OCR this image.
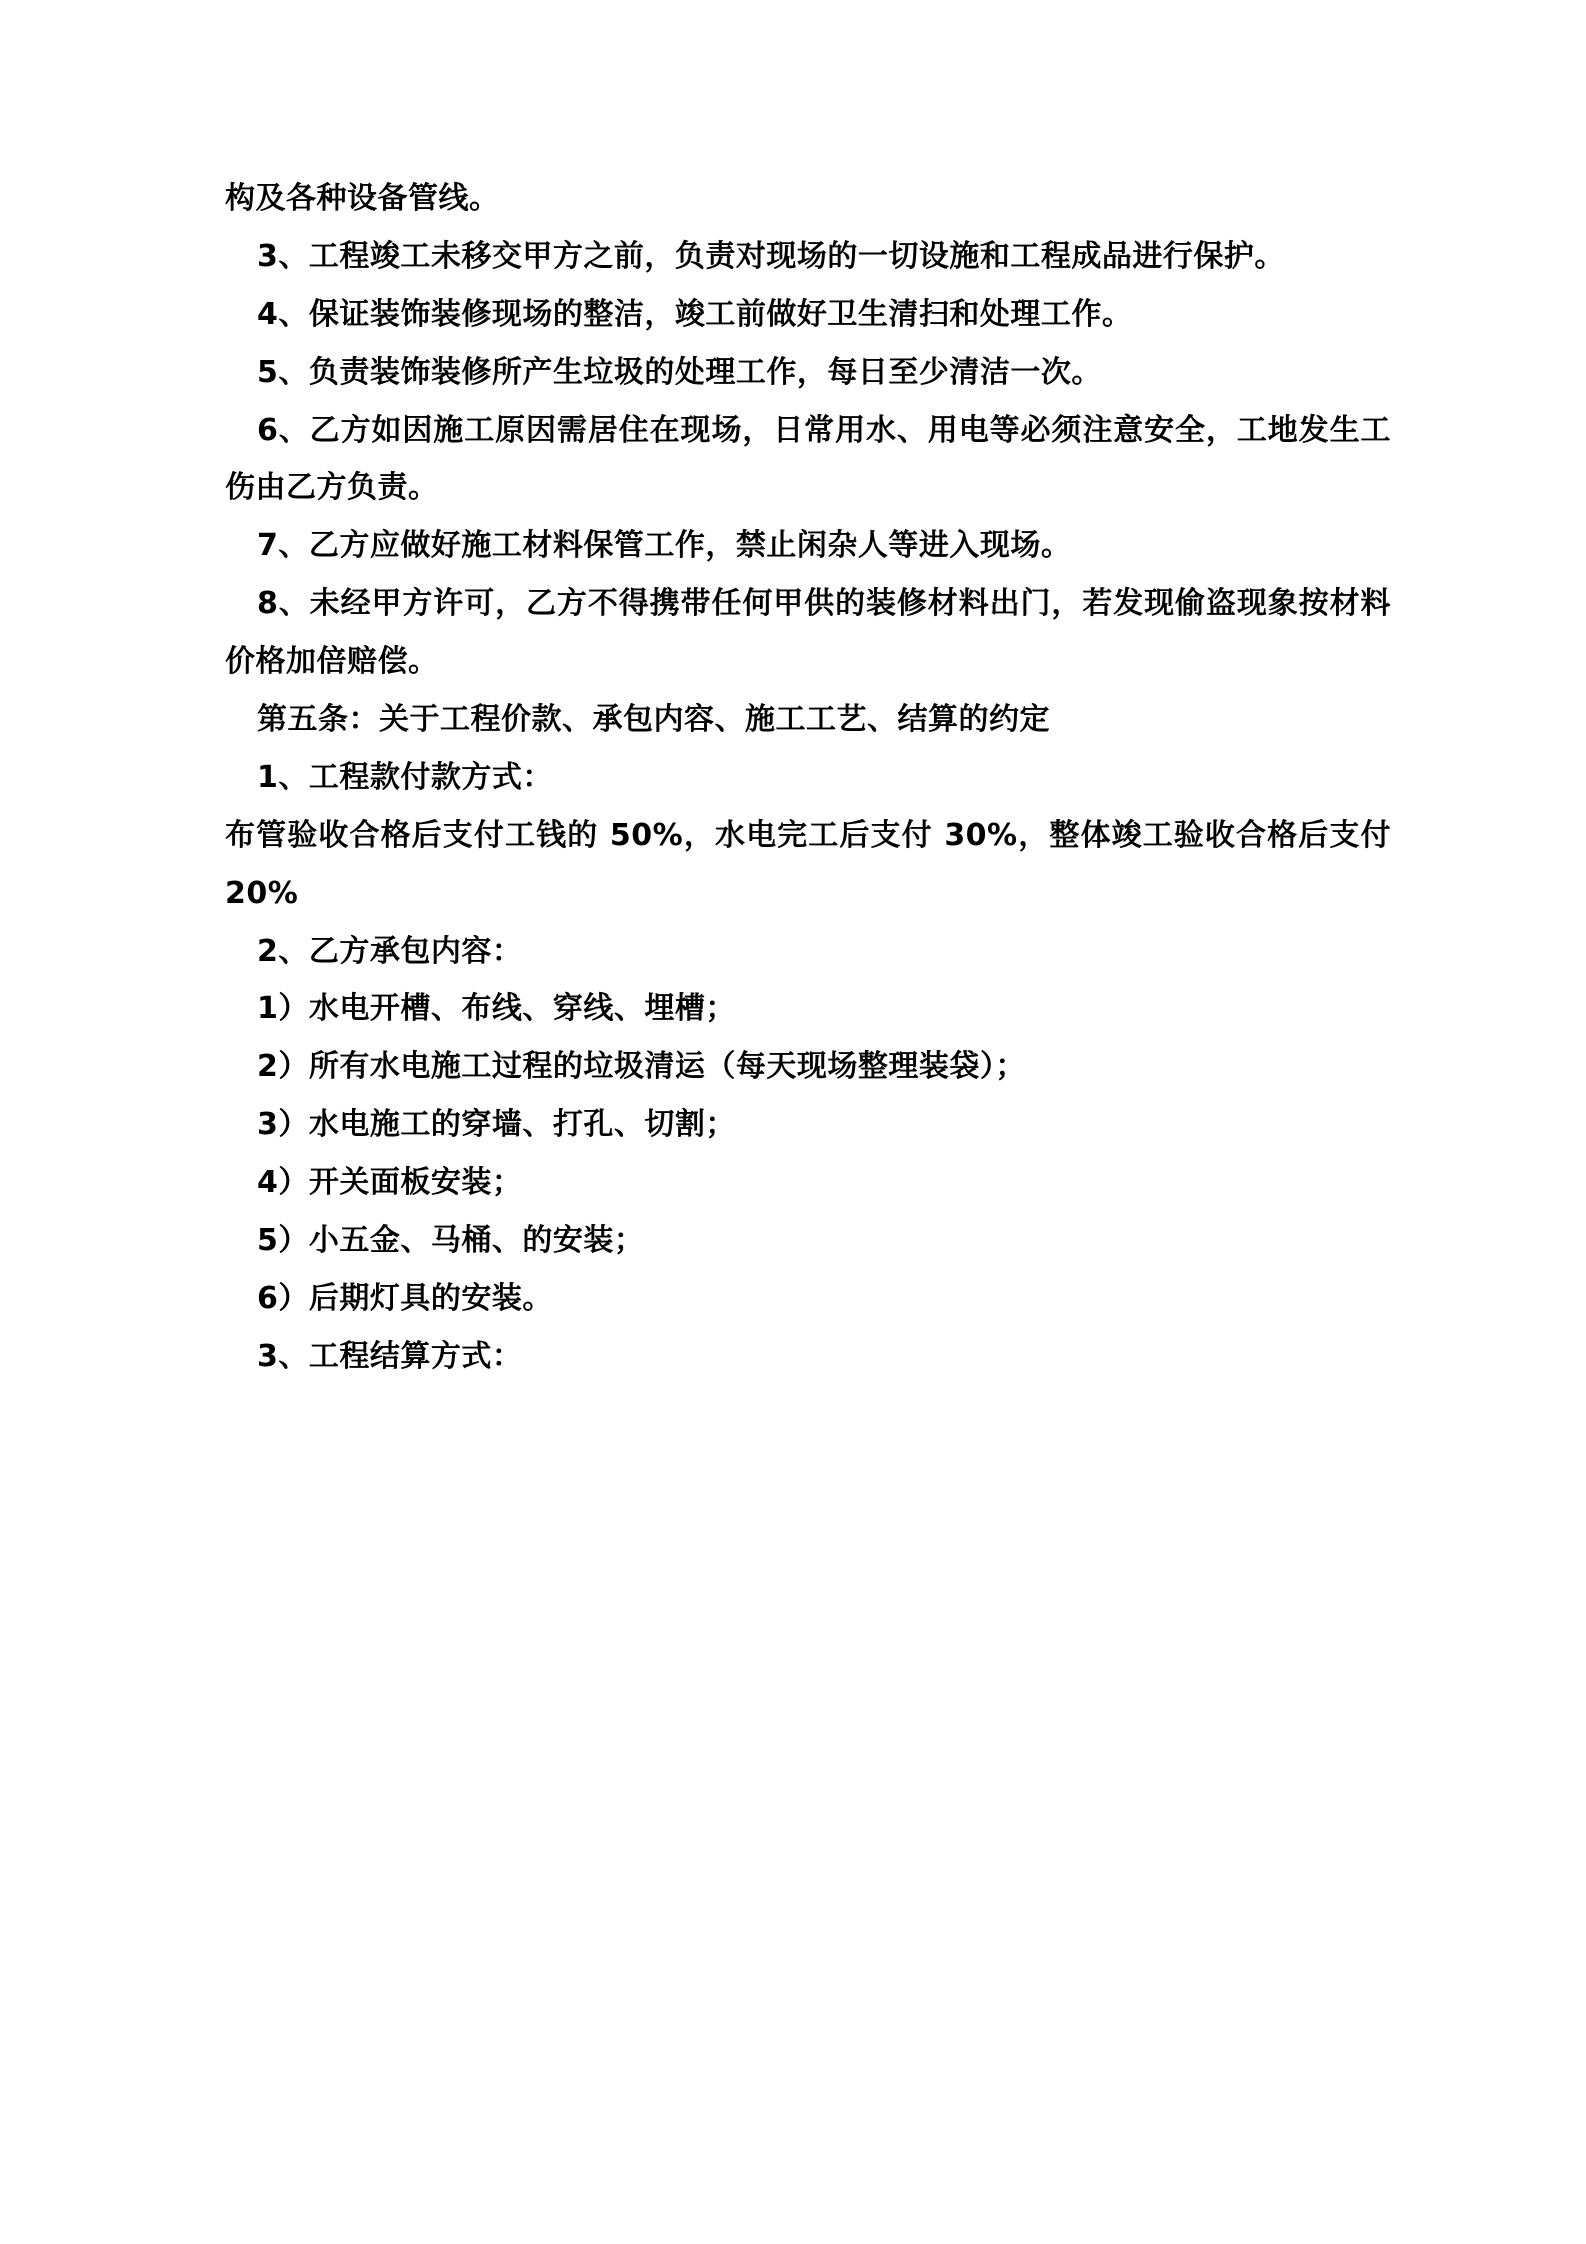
构及各种设备管线。

3、工程竣工未移交甲方之前，负责对现场的一切设施和工程成品进行保护。

4、保证装饰装修现场的整洁，竣工前做好卫生清扫和处理工作。

5、负责装饰装修所产生垃圾的处理工作，每日至少清洁一次。

6、乙方如因施工原因需居住在现场，日常用水、用电等必须注意安全，工地发生工伤由乙方负责。

7、乙方应做好施工材料保管工作，禁止闲杂人等进入现场。

8、未经甲方许可，乙方不得携带任何甲供的装修材料出门，若发现偷盗现象按材料价格加倍赔偿。

第五条：关于工程价款、承包内容、施工工艺、结算的约定

1、工程款付款方式：

布管验收合格后支付工钱的 50%，水电完工后支付 30%，整体竣工验收合格后支付 20%

2、乙方承包内容：

1）水电开槽、布线、穿线、埋槽；

2）所有水电施工过程的垃圾清运（每天现场整理装袋）；

3）水电施工的穿墙、打孔、切割；

4）开关面板安装；

5）小五金、马桶、的安装；

6）后期灯具的安装。

3、工程结算方式：
